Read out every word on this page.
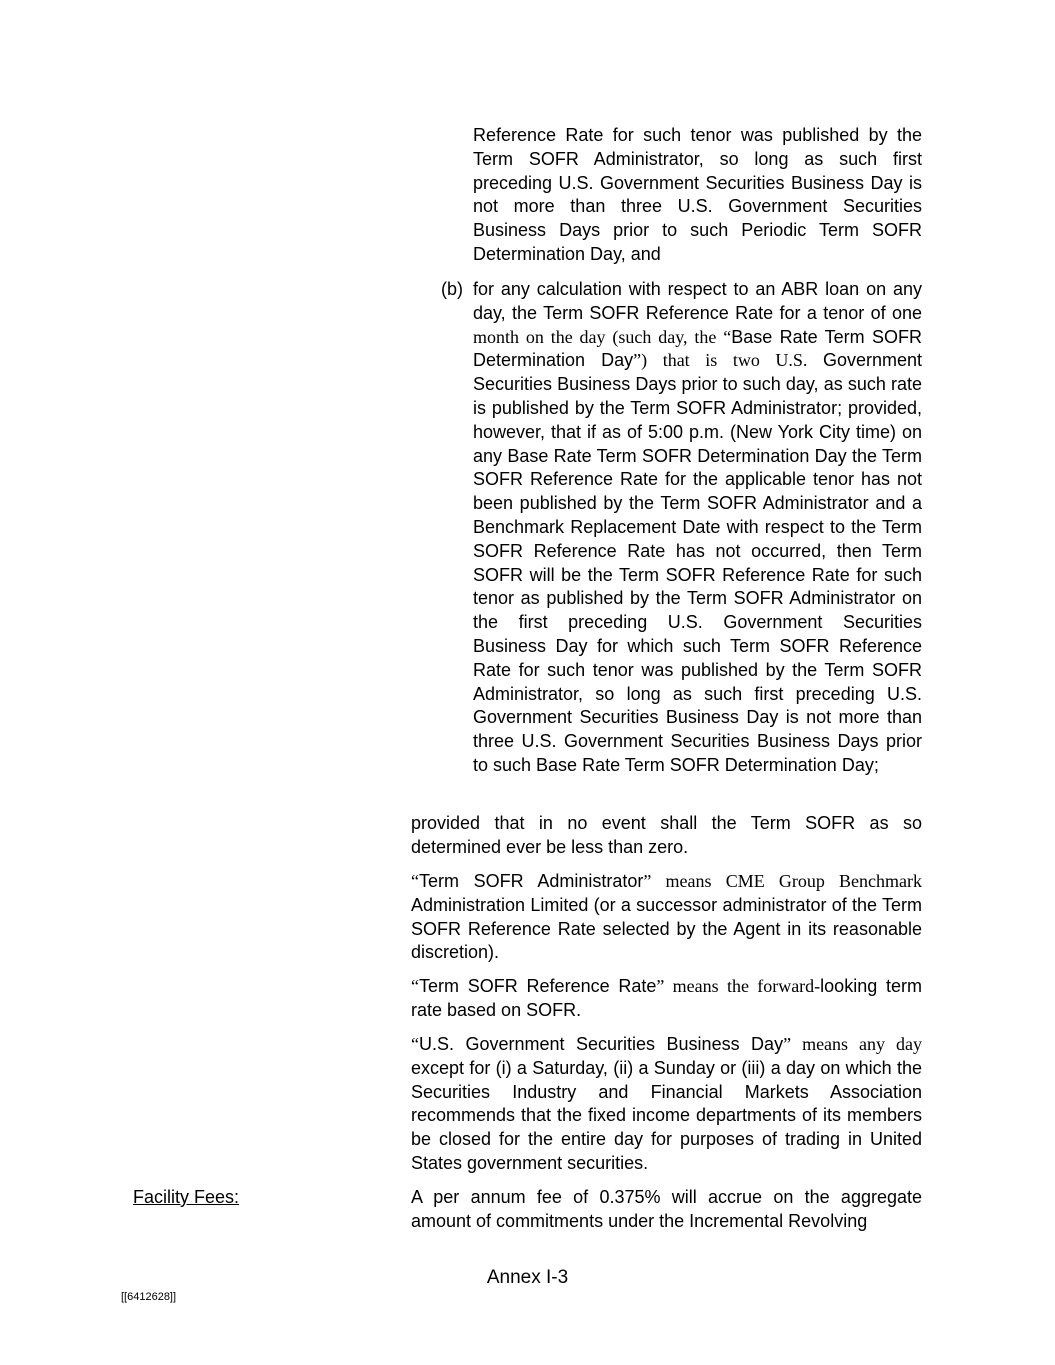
Reference Rate for such tenor was published by the Term SOFR Administrator, so long as such first preceding U.S. Government Securities Business Day is not more than three U.S. Government Securities Business Days prior to such Periodic Term SOFR Determination Day, and

(b) for any calculation with respect to an ABR loan on any day, the Term SOFR Reference Rate for a tenor of one month on the day (such day, the “Base Rate Term SOFR Determination Day”) that is two U.S. Government Securities Business Days prior to such day, as such rate is published by the Term SOFR Administrator; provided, however, that if as of 5:00 p.m. (New York City time) on any Base Rate Term SOFR Determination Day the Term SOFR Reference Rate for the applicable tenor has not been published by the Term SOFR Administrator and a Benchmark Replacement Date with respect to the Term SOFR Reference Rate has not occurred, then Term SOFR will be the Term SOFR Reference Rate for such tenor as published by the Term SOFR Administrator on the first preceding U.S. Government Securities Business Day for which such Term SOFR Reference Rate for such tenor was published by the Term SOFR Administrator, so long as such first preceding U.S. Government Securities Business Day is not more than three U.S. Government Securities Business Days prior to such Base Rate Term SOFR Determination Day;

provided that in no event shall the Term SOFR as so determined ever be less than zero.

“Term SOFR Administrator” means CME Group Benchmark Administration Limited (or a successor administrator of the Term SOFR Reference Rate selected by the Agent in its reasonable discretion).

“Term SOFR Reference Rate” means the forward-looking term rate based on SOFR.

“U.S. Government Securities Business Day” means any day except for (i) a Saturday, (ii) a Sunday or (iii) a day on which the Securities Industry and Financial Markets Association recommends that the fixed income departments of its members be closed for the entire day for purposes of trading in United States government securities.

Facility Fees:	A per annum fee of 0.375% will accrue on the aggregate amount of commitments under the Incremental Revolving

Annex I-3
[[6412628]]
